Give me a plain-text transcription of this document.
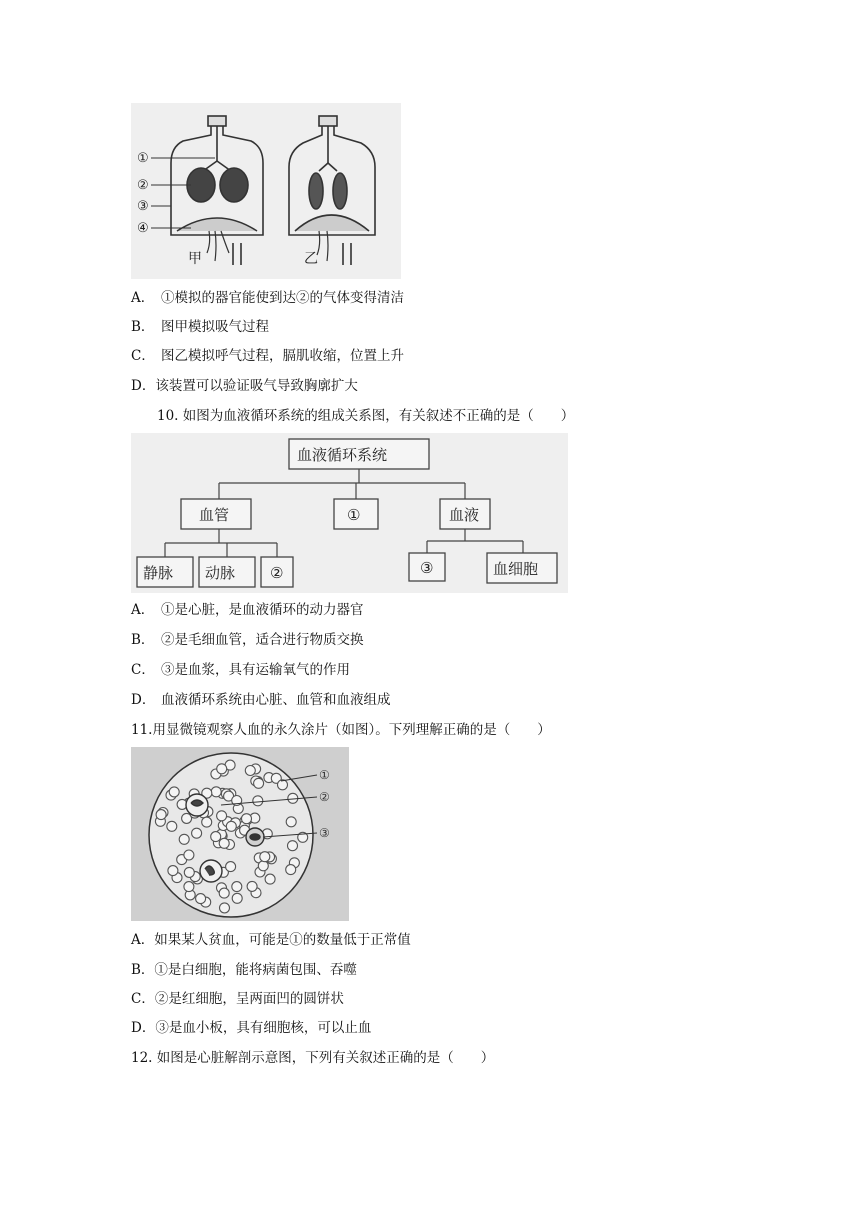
①
②
③
④
甲	乙
A． ①模拟的器官能使到达②的气体变得清洁
B． 图甲模拟吸气过程
C． 图乙模拟呼气过程，膈肌收缩，位置上升
D．该装置可以验证吸气导致胸廓扩大
10. 如图为血液循环系统的组成关系图，有关叙述不正确的是（　　）
血液循环系统
血管	①	血液
静脉 动脉 ②	③	血细胞
A． ①是心脏，是血液循环的动力器官
B． ②是毛细血管，适合进行物质交换
C． ③是血浆，具有运输氧气的作用
D． 血液循环系统由心脏、血管和血液组成
11.用显微镜观察人血的永久涂片（如图）。下列理解正确的是（　　）
①
②
③
A．如果某人贫血，可能是①的数量低于正常值
B．①是白细胞，能将病菌包围、吞噬
C．②是红细胞，呈两面凹的圆饼状
D．③是血小板，具有细胞核，可以止血
12. 如图是心脏解剖示意图，下列有关叙述正确的是（　　）
